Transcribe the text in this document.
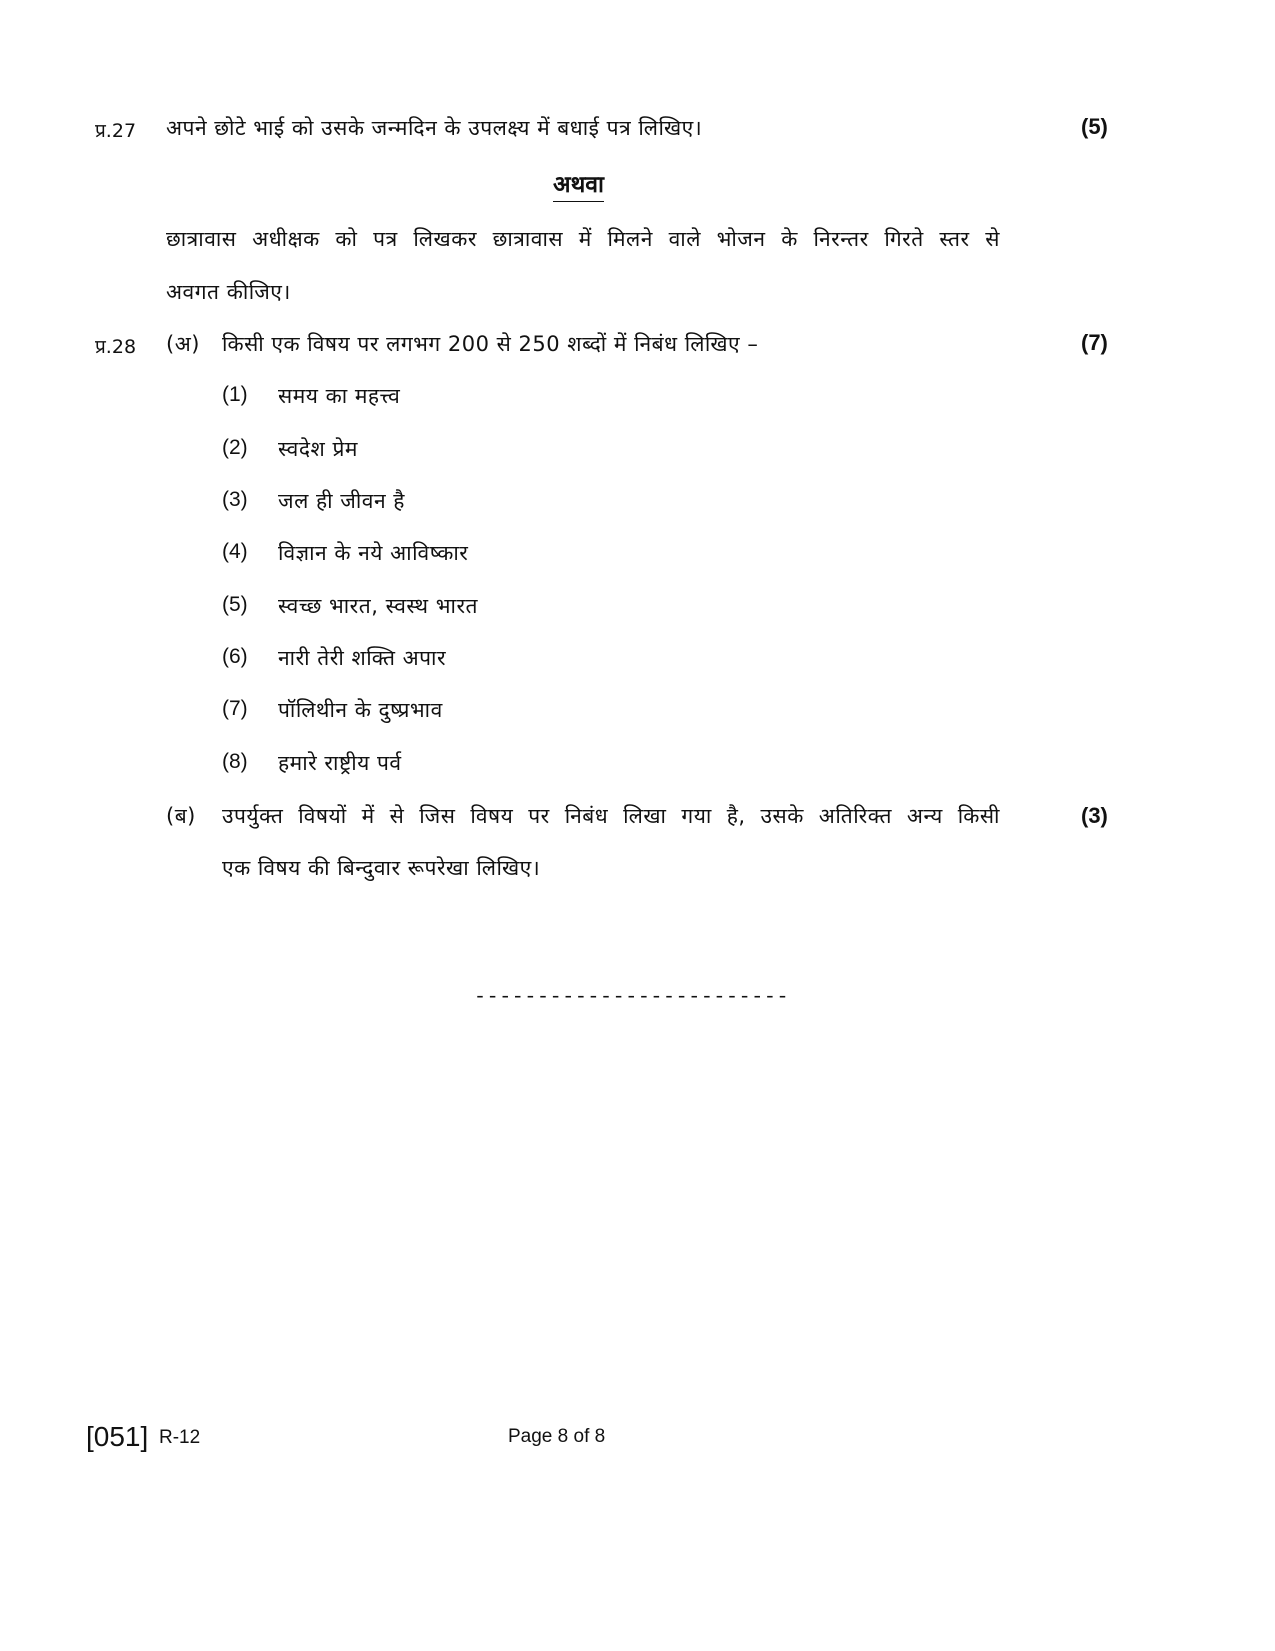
प्र.27 अपने छोटे भाई को उसके जन्मदिन के उपलक्ष्य में बधाई पत्र लिखिए।	(5)
अथवा
छात्रावास अधीक्षक को पत्र लिखकर छात्रावास में मिलने वाले भोजन के निरन्तर गिरते स्तर से
अवगत कीजिए।
प्र.28 (अ) किसी एक विषय पर लगभग 200 से 250 शब्दों में निबंध लिखिए –	(7)
(1) समय का महत्त्व
(2) स्वदेश प्रेम
(3) जल ही जीवन है
(4) विज्ञान के नये आविष्कार
(5) स्वच्छ भारत, स्वस्थ भारत
(6) नारी तेरी शक्ति अपार
(7) पॉलिथीन के दुष्प्रभाव
(8) हमारे राष्ट्रीय पर्व
(ब) उपर्युक्त विषयों में से जिस विषय पर निबंध लिखा गया है, उसके अतिरिक्त अन्य किसी	(3)
एक विषय की बिन्दुवार रूपरेखा लिखिए।
-------------------------
[051] R-12	Page 8 of 8
